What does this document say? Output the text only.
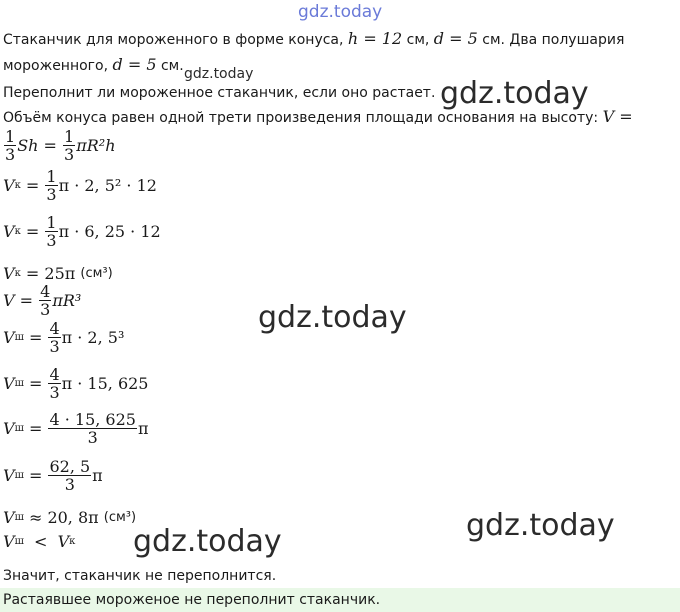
gdz.today
Стаканчик для мороженного в форме конуса, h = 12 см, d = 5 см. Два полушария
мороженного, d = 5 см. gdz.today
Переполнит ли мороженное стаканчик, если оно растает. gdz.today
Объём конуса равен одной трети произведения площади основания на высоту: V =
$\frac{1}{3}$ Sh =
$\frac{1}{3} \pi R^2h$
V к
=
$\frac{1}{3}$ π · 2, 5² · 12
V к
=
$\frac{1}{3}$ π · 6, 25 · 12
V к
= 25π
(см³)
V =
$\frac{4}{3} \pi R^3$	gdz.today
V ш
=
$\frac{4}{3}$ π · 2, 5³
V ш
=
$\frac{4}{3}$ π · 15, 625
V ш
=
$\frac{4 \cdot 15, 625}{3}$ π
V ш
=
$\frac{62, 5}{3}$ π
V ш
≈ 20, 8π
(см³)
V ш
<
V к	gdz.today
gdz.today
Значит, стаканчик не переполнится.
Растаявшее мороженое не переполнит стаканчик.
